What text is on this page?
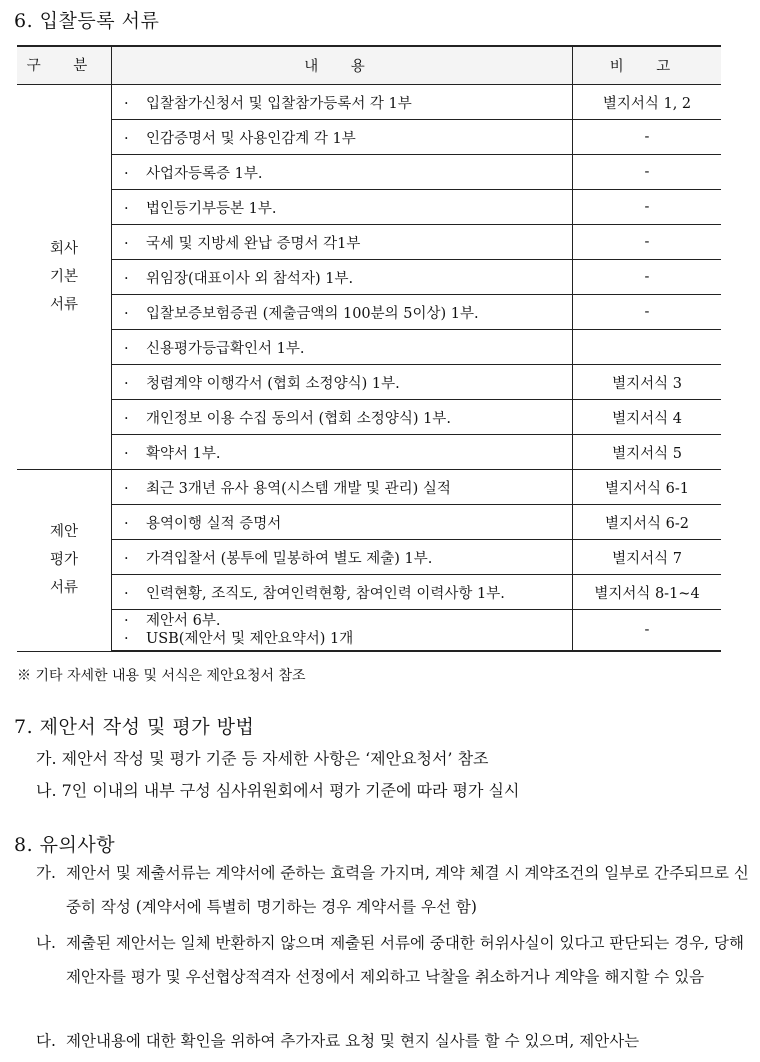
6. 입찰등록 서류
구 분	내 용	비 고

회사
기본
서류	· 입찰참가신청서 및 입찰참가등록서 각 1부	별지서식 1, 2
	· 인감증명서 및 사용인감계 각 1부	-
	· 사업자등록증 1부.	-
	· 법인등기부등본 1부.	-
	· 국세 및 지방세 완납 증명서 각1부	-
	· 위임장(대표이사 외 참석자) 1부.	-
	· 입찰보증보험증권 (제출금액의 100분의 5이상) 1부.	-
	· 신용평가등급확인서 1부.	
	· 청렴계약 이행각서 (협회 소정양식) 1부.	별지서식 3
	· 개인정보 이용 수집 동의서 (협회 소정양식) 1부.	별지서식 4
	· 확약서 1부.	별지서식 5

제안
평가
서류	· 최근 3개년 유사 용역(시스템 개발 및 관리) 실적	별지서식 6-1
	· 용역이행 실적 증명서	별지서식 6-2
	· 가격입찰서 (봉투에 밀봉하여 별도 제출) 1부.	별지서식 7
	· 인력현황, 조직도, 참여인력현황, 참여인력 이력사항 1부.	별지서식 8-1~4

	· 제안서 6부.
· USB(제안서 및 제안요약서) 1개	-
※ 기타 자세한 내용 및 서식은 제안요청서 참조
7. 제안서 작성 및 평가 방법

가. 제안서 작성 및 평가 기준 등 자세한 사항은 ‘제안요청서’ 참조

나. 7인 이내의 내부 구성 심사위원회에서 평가 기준에 따라 평가 실시

8. 유의사항
가. 제안서 및 제출서류는 계약서에 준하는 효력을 가지며, 계약 체결 시 계약조건의 일부로 간주되므로 신중히 작성 (계약서에 특별히 명기하는 경우 계약서를 우선 함)
나. 제출된 제안서는 일체 반환하지 않으며 제출된 서류에 중대한 허위사실이 있다고 판단되는 경우, 당해 제안자를 평가 및 우선협상적격자 선정에서 제외하고 낙찰을 취소하거나 계약을 해지할 수 있음
다. 제안내용에 대한 확인을 위하여 추가자료 요청 및 현지 실사를 할 수 있으며, 제안사는
